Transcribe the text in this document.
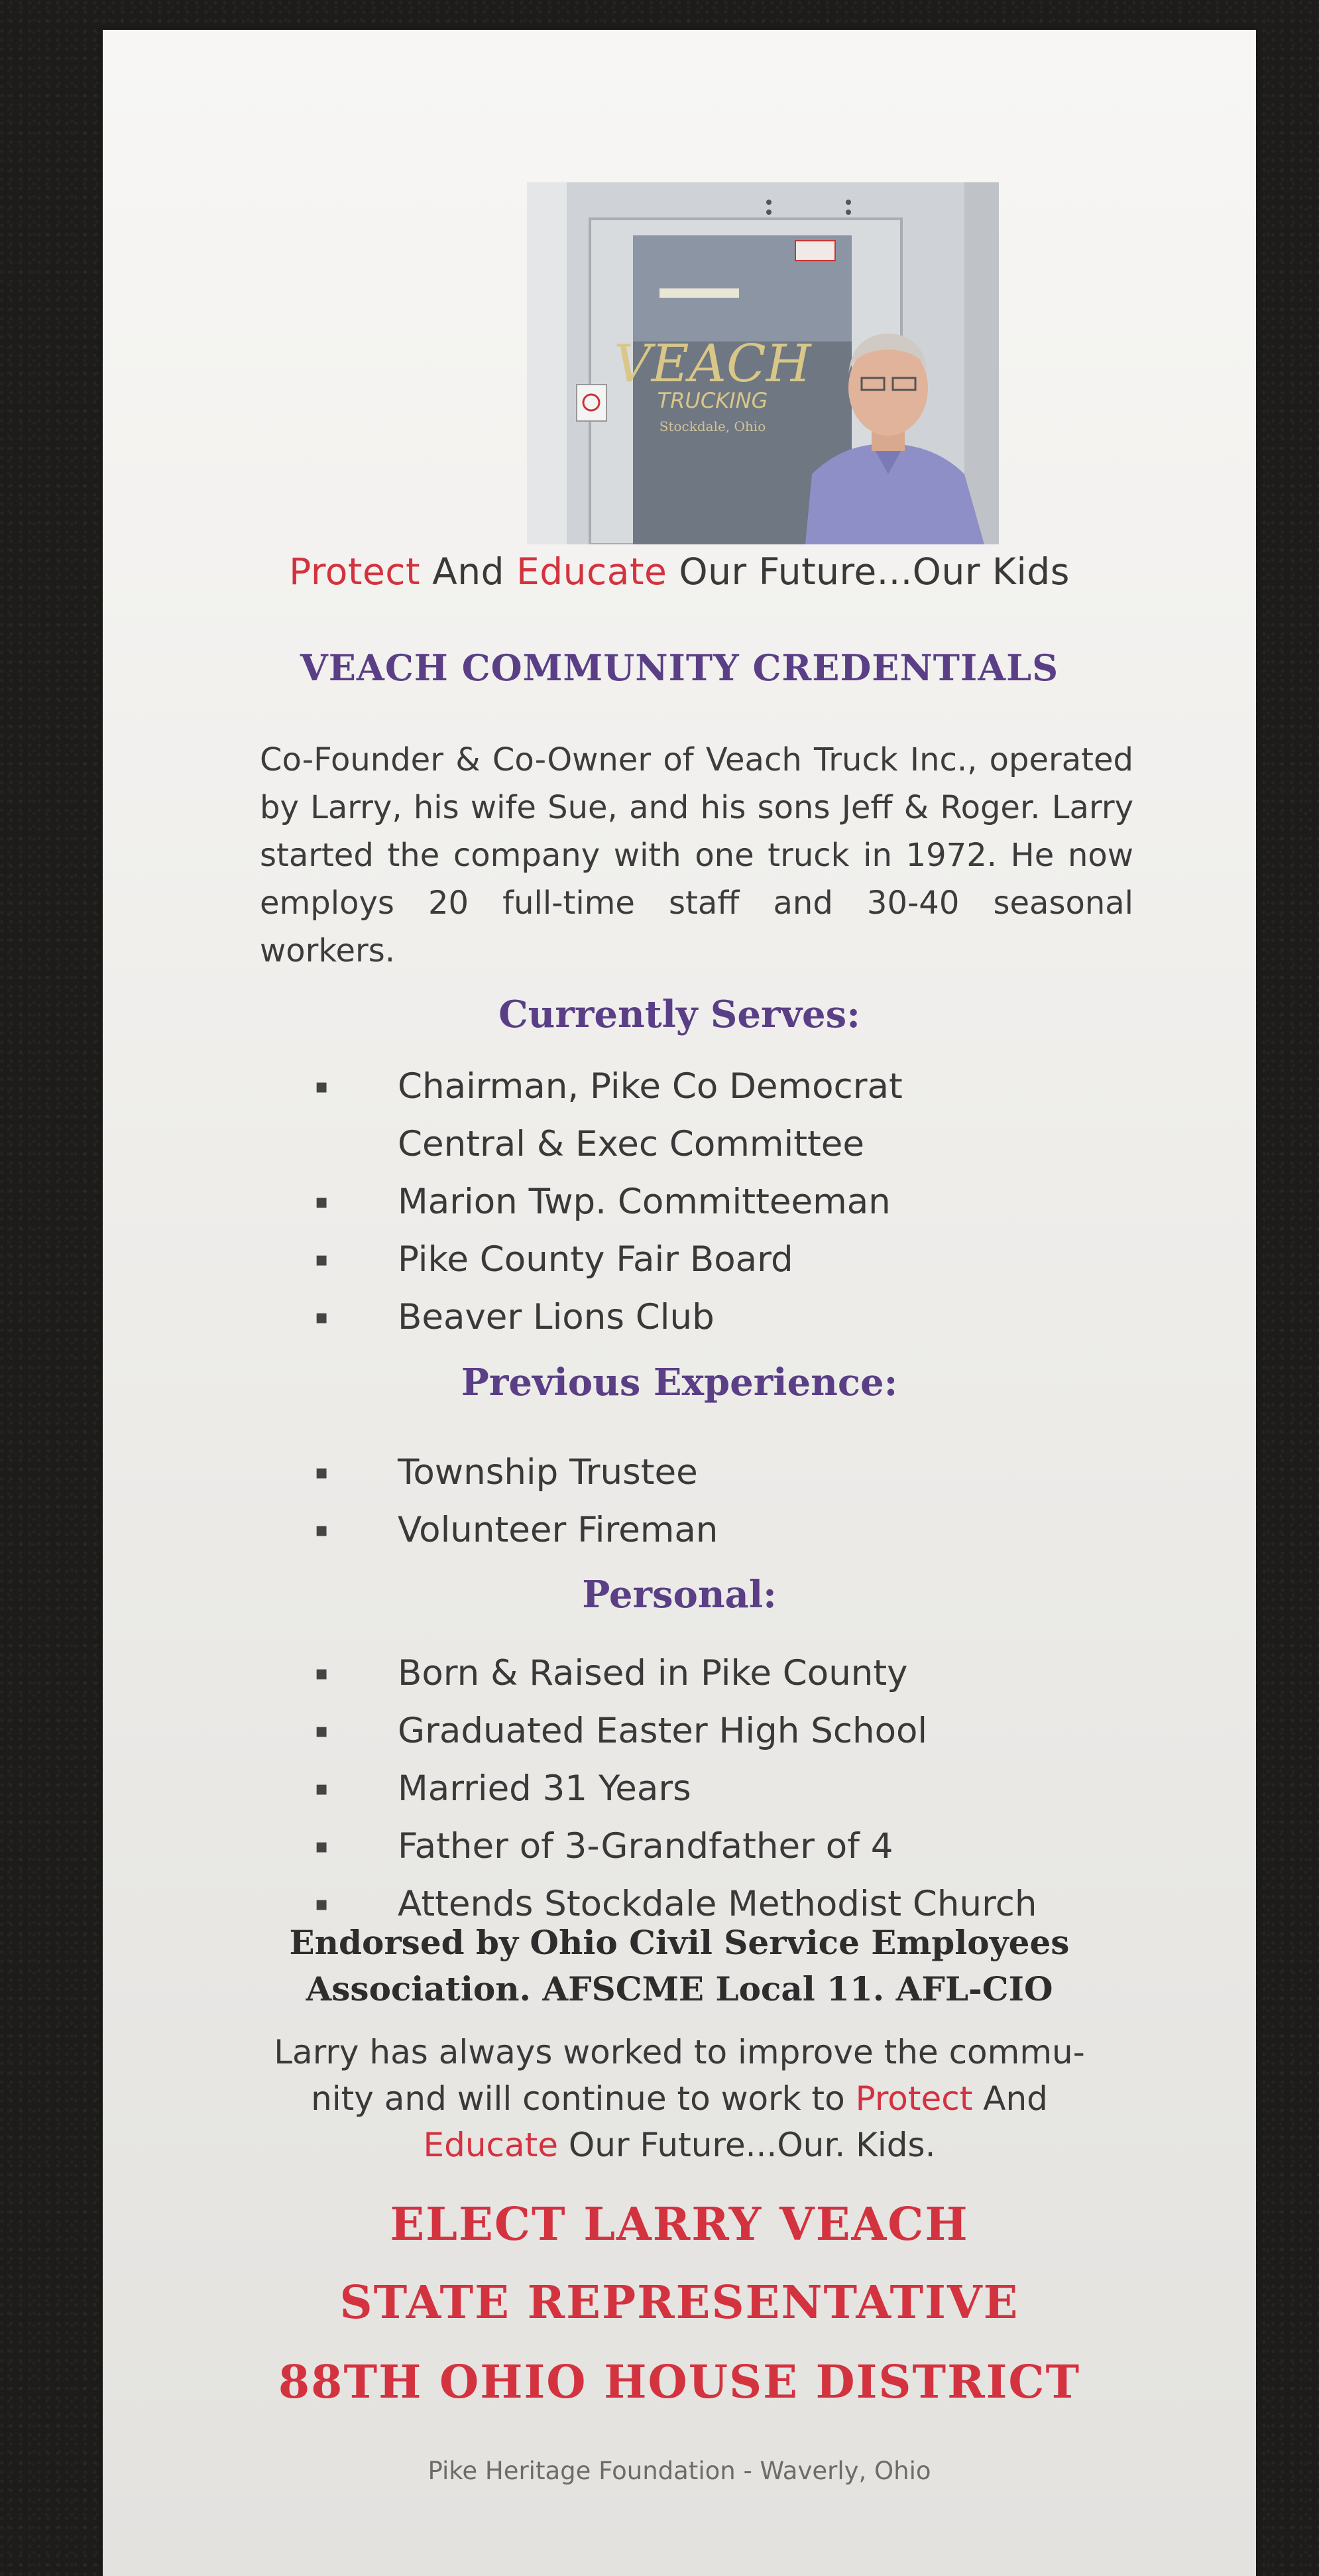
VEACH
TRUCKING
Stockdale, Ohio
Protect And Educate Our Future...Our Kids
VEACH COMMUNITY CREDENTIALS
Co-Founder & Co-Owner of Veach Truck Inc., operated by Larry, his wife Sue, and his sons Jeff & Roger. Larry started the company with one truck in 1972. He now employs 20 full-time staff and 30-40 seasonal workers.
Currently Serves:
▪ Chairman, Pike Co Democrat
Central & Exec Committee
▪ Marion Twp. Committeeman
▪ Pike County Fair Board
▪ Beaver Lions Club
Previous Experience:
▪ Township Trustee
▪ Volunteer Fireman
Personal:
▪ Born & Raised in Pike County
▪ Graduated Easter High School
▪ Married 31 Years
▪ Father of 3-Grandfather of 4
▪ Attends Stockdale Methodist Church
Endorsed by Ohio Civil Service Employees
Association. AFSCME Local 11. AFL-CIO
Larry has always worked to improve the commu-
nity and will continue to work to Protect And
Educate Our Future...Our. Kids.
ELECT LARRY VEACH
STATE REPRESENTATIVE
88TH OHIO HOUSE DISTRICT
Pike Heritage Foundation - Waverly, Ohio
